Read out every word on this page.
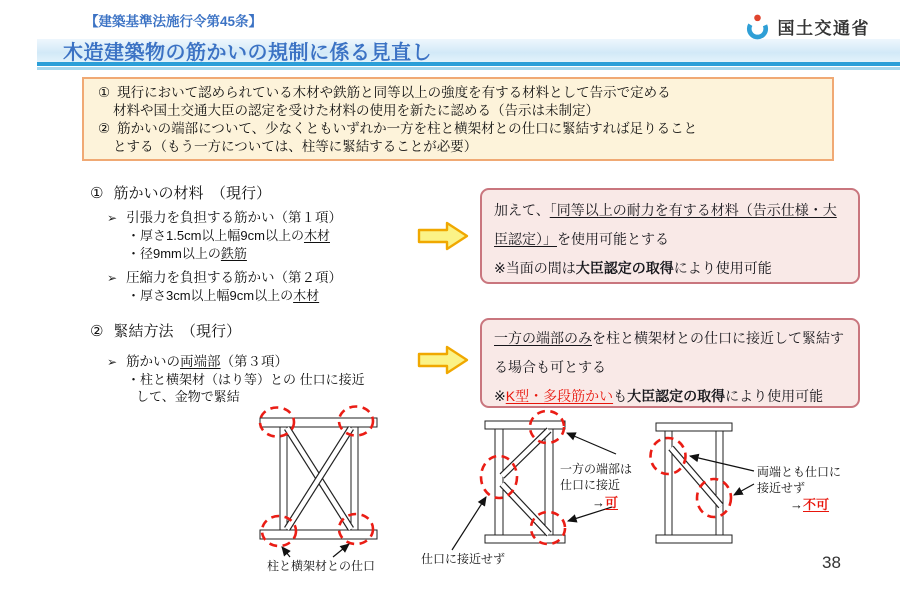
【建築基準法施行令第45条】
木造建築物の筋かいの規制に係る見直し
国土交通省
① 現行において認められている木材や鉄筋と同等以上の強度を有する材料として告示で定める
材料や国土交通大臣の認定を受けた材料の使用を新たに認める（告示は未制定）
② 筋かいの端部について、少なくともいずれか一方を柱と横架材との仕口に緊結すれば足りること
とする（もう一方については、柱等に緊結することが必要）
① 筋かいの材料　（現行）
➢ 引張力を負担する筋かい（第１項）
・厚さ1.5cm以上幅9cm以上の木材
・径9mm以上の鉄筋
➢ 圧縮力を負担する筋かい（第２項）
・厚さ3cm以上幅9cm以上の木材
② 緊結方法　（現行）
➢ 筋かいの両端部（第３項）
・柱と横架材（はり等）との 仕口に接近
して、金物で緊結
加えて、「同等以上の耐力を有する材料（告示仕様・大臣認定）」を使用可能とする
※当面の間は大臣認定の取得により使用可能
一方の端部のみを柱と横架材との仕口に接近して緊結する場合も可とする
※K型・多段筋かいも大臣認定の取得により使用可能
柱と横架材との仕口
一方の端部は
仕口に接近
→可
仕口に接近せず
両端とも仕口に
接近せず
→不可
38
